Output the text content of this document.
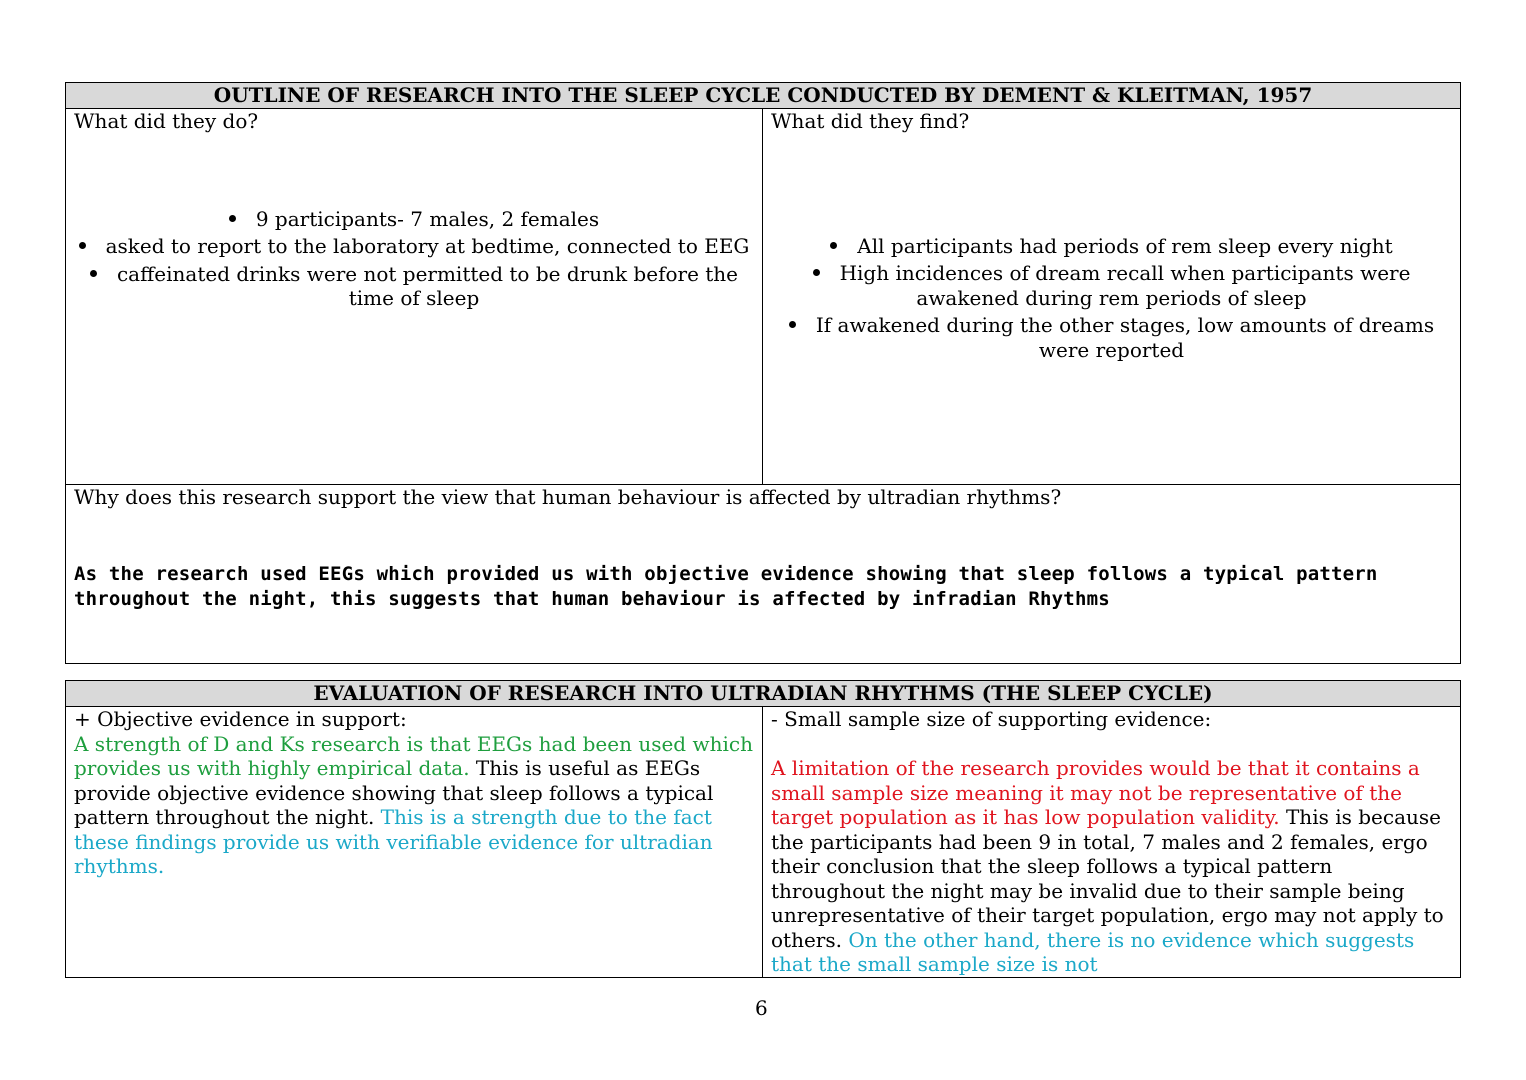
OUTLINE OF RESEARCH INTO THE SLEEP CYCLE CONDUCTED BY DEMENT & KLEITMAN, 1957
What did they do?
9 participants- 7 males, 2 females
asked to report to the laboratory at bedtime, connected to EEG
caffeinated drinks were not permitted to be drunk before the time of sleep
What did they find?
All participants had periods of rem sleep every night
High incidences of dream recall when participants were awakened during rem periods of sleep
If awakened during the other stages, low amounts of dreams were reported
Why does this research support the view that human behaviour is affected by ultradian rhythms?
As the research used EEGs which provided us with objective evidence showing that sleep follows a typical pattern throughout the night, this suggests that human behaviour is affected by infradian Rhythms
EVALUATION OF RESEARCH INTO ULTRADIAN RHYTHMS (THE SLEEP CYCLE)
+ Objective evidence in support:
A strength of D and Ks research is that EEGs had been used which provides us with highly empirical data. This is useful as EEGs provide objective evidence showing that sleep follows a typical pattern throughout the night. This is a strength due to the fact these findings provide us with verifiable evidence for ultradian rhythms.
- Small sample size of supporting evidence:
A limitation of the research provides would be that it contains a small sample size meaning it may not be representative of the target population as it has low population validity. This is because the participants had been 9 in total, 7 males and 2 females, ergo their conclusion that the sleep follows a typical pattern throughout the night may be invalid due to their sample being unrepresentative of their target population, ergo may not apply to others. On the other hand, there is no evidence which suggests that the small sample size is not
6
